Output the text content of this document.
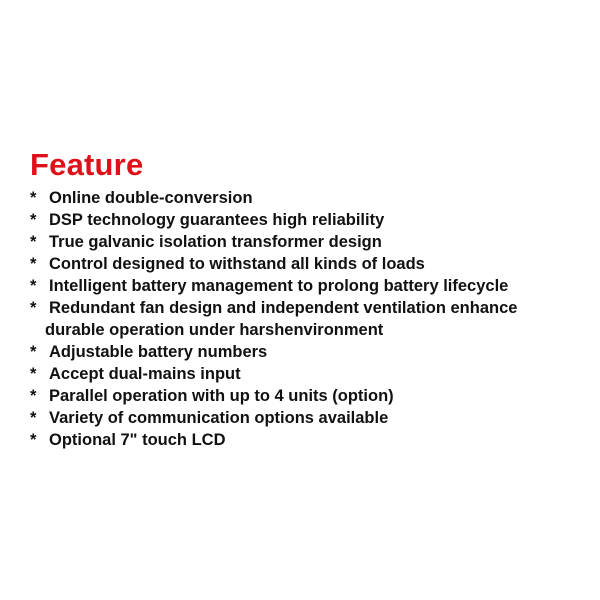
Feature
* Online double-conversion
* DSP technology guarantees high reliability
* True galvanic isolation transformer design
* Control designed to withstand all kinds of loads
* Intelligent battery management to prolong battery lifecycle
* Redundant fan design and independent ventilation enhance
durable operation under harshenvironment
* Adjustable battery numbers
* Accept dual-mains input
* Parallel operation with up to 4 units (option)
* Variety of communication options available
* Optional 7" touch LCD
